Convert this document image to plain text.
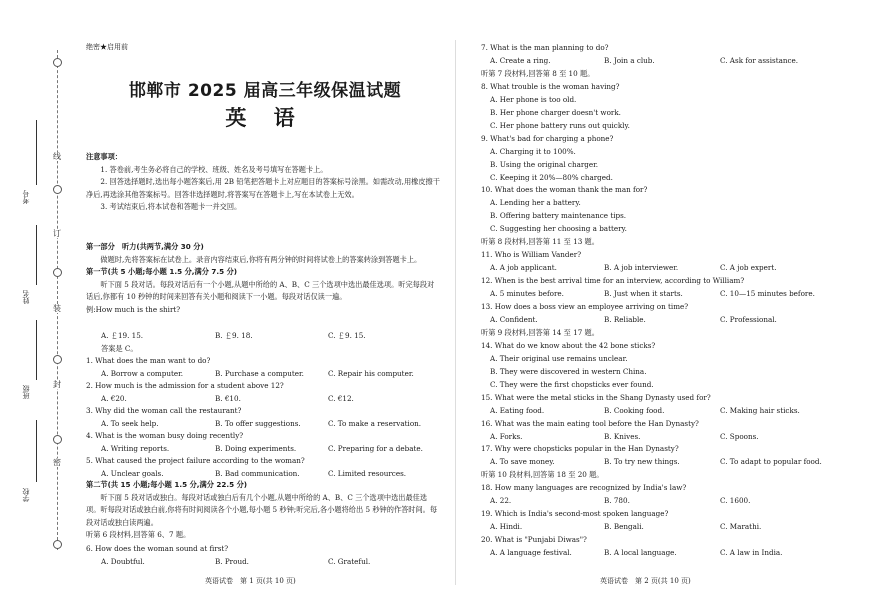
线
订
装
封
密
考号
姓名
班级
学校
绝密★启用前
邯郸市 2025 届高三年级保温试题
英 语
注意事项：

1. 答卷前,考生务必将自己的学校、班级、姓名及考号填写在答题卡上。

2. 回答选择题时,选出每小题答案后,用 2B 铅笔把答题卡上对应题目的答案标号涂黑。如需改动,用橡皮擦干净后,再选涂其他答案标号。回答非选择题时,将答案写在答题卡上,写在本试卷上无效。

3. 考试结束后,将本试卷和答题卡一并交回。

第一部分　听力(共两节,满分 30 分)

做题时,先将答案标在试卷上。录音内容结束后,你将有两分钟的时间将试卷上的答案转涂到答题卡上。

第一节(共 5 小题;每小题 1.5 分,满分 7.5 分)

听下面 5 段对话。每段对话后有一个小题,从题中所给的 A、B、C 三个选项中选出最佳选项。听完每段对话后,你都有 10 秒钟的时间来回答有关小题和阅读下一小题。每段对话仅读一遍。

例:How much is the shirt?

A. ￡19. 15.	B. ￡9. 18.	C. ￡9. 15.
答案是 C。
1. What does the man want to do?
A. Borrow a computer.	B. Purchase a computer.	C. Repair his computer.
2. How much is the admission for a student above 12?
A. €20.	B. €10.	C. €12.
3. Why did the woman call the restaurant?
A. To seek help.	B. To offer suggestions.	C. To make a reservation.
4. What is the woman busy doing recently?
A. Writing reports.	B. Doing experiments.	C. Preparing for a debate.
5. What caused the project failure according to the woman?
A. Unclear goals.	B. Bad communication.	C. Limited resources.

第二节(共 15 小题;每小题 1.5 分,满分 22.5 分)

听下面 5 段对话或独白。每段对话或独白后有几个小题,从题中所给的 A、B、C 三个选项中选出最佳选项。听每段对话或独白前,你将有时间阅读各个小题,每小题 5 秒钟;听完后,各小题将给出 5 秒钟的作答时间。每段对话或独白读两遍。

听第 6 段材料,回答第 6、7 题。

6. How does the woman sound at first?
A. Doubtful.	B. Proud.	C. Grateful.
英语试卷　第 1 页(共 10 页)
7. What is the man planning to do?
A. Create a ring.	B. Join a club.	C. Ask for assistance.
听第 7 段材料,回答第 8 至 10 题。
8. What trouble is the woman having?
A. Her phone is too old.
B. Her phone charger doesn't work.
C. Her phone battery runs out quickly.
9. What's bad for charging a phone?
A. Charging it to 100%.
B. Using the original charger.
C. Keeping it 20%—80% charged.
10. What does the woman thank the man for?
A. Lending her a battery.
B. Offering battery maintenance tips.
C. Suggesting her choosing a battery.
听第 8 段材料,回答第 11 至 13 题。
11. Who is William Vander?
A. A job applicant.	B. A job interviewer.	C. A job expert.
12. When is the best arrival time for an interview, according to William?
A. 5 minutes before.	B. Just when it starts.	C. 10—15 minutes before.
13. How does a boss view an employee arriving on time?
A. Confident.	B. Reliable.	C. Professional.
听第 9 段材料,回答第 14 至 17 题。
14. What do we know about the 42 bone sticks?
A. Their original use remains unclear.
B. They were discovered in western China.
C. They were the first chopsticks ever found.
15. What were the metal sticks in the Shang Dynasty used for?
A. Eating food.	B. Cooking food.	C. Making hair sticks.
16. What was the main eating tool before the Han Dynasty?
A. Forks.	B. Knives.	C. Spoons.
17. Why were chopsticks popular in the Han Dynasty?
A. To save money.	B. To try new things.	C. To adapt to popular food.
听第 10 段材料,回答第 18 至 20 题。
18. How many languages are recognized by India's law?
A. 22.	B. 780.	C. 1600.
19. Which is India's second-most spoken language?
A. Hindi.	B. Bengali.	C. Marathi.
20. What is "Punjabi Diwas"?
A. A language festival.	B. A local language.	C. A law in India.
英语试卷　第 2 页(共 10 页)
